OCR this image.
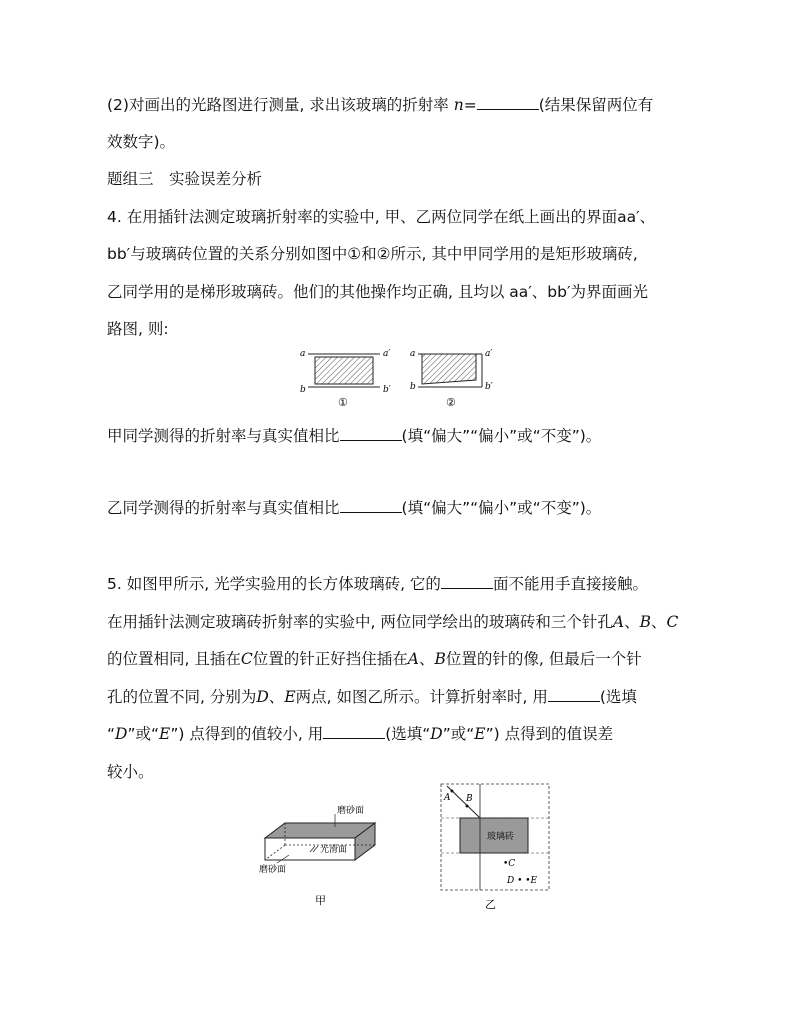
(2)对画出的光路图进行测量, 求出该玻璃的折射率 n=	(结果保留两位有
效数字)。
题组三　实验误差分析
4. 在用插针法测定玻璃折射率的实验中, 甲、乙两位同学在纸上画出的界面aa′、
bb′与玻璃砖位置的关系分别如图中①和②所示, 其中甲同学用的是矩形玻璃砖,
乙同学用的是梯形玻璃砖。他们的其他操作均正确, 且均以 aa′、bb′为界面画光
路图, 则:
a	a′
b	b′
①
a	a′
b	b′
②
甲同学测得的折射率与真实值相比	(填“偏大”“偏小”或“不变”)。
乙同学测得的折射率与真实值相比	(填“偏大”“偏小”或“不变”)。
5. 如图甲所示, 光学实验用的长方体玻璃砖, 它的	面不能用手直接接触。
在用插针法测定玻璃砖折射率的实验中, 两位同学绘出的玻璃砖和三个针孔A、B、C
的位置相同, 且插在C位置的针正好挡住插在A、B位置的针的像, 但最后一个针
孔的位置不同, 分别为D、E两点, 如图乙所示。计算折射率时, 用	(选填
“D”或“E”) 点得到的值较小, 用	(选填“D”或“E”) 点得到的值误差
较小。
磨砂面
光滑面
磨砂面
甲
A B
玻璃砖
•C
D • •E
乙
